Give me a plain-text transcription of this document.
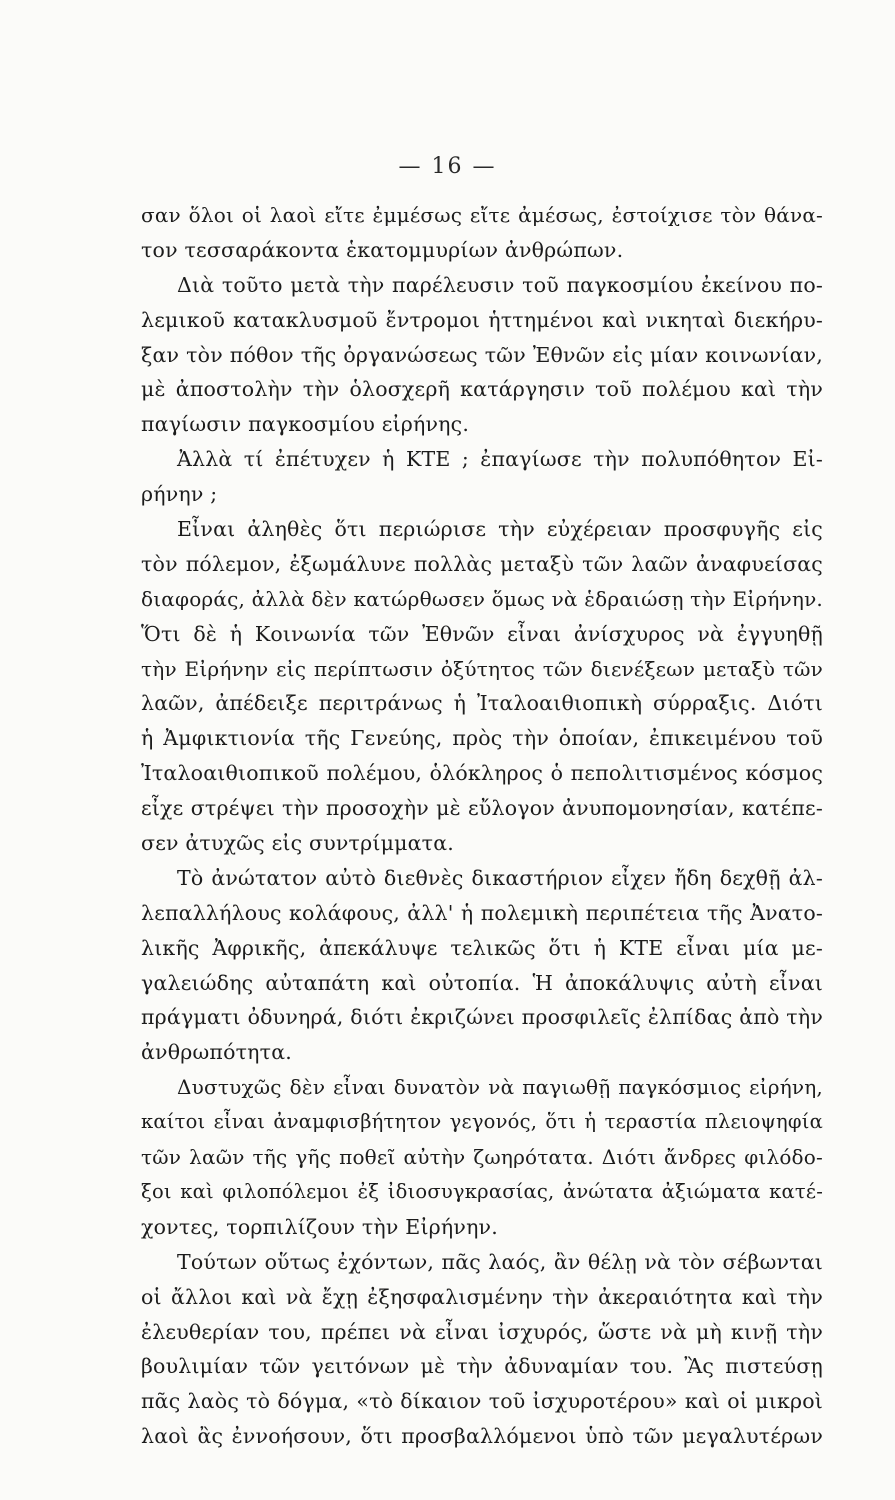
— 16 —
σαν ὅλοι οἱ λαοὶ εἴτε ἐμμέσως εἴτε ἀμέσως, ἐστοίχισε τὸν θάνα-
τον τεσσαράκοντα ἑκατομμυρίων ἀνθρώπων.
Διὰ τοῦτο μετὰ τὴν παρέλευσιν τοῦ παγκοσμίου ἐκείνου πο-
λεμικοῦ κατακλυσμοῦ ἔντρομοι ἡττημένοι καὶ νικηταὶ διεκήρυ-
ξαν τὸν πόθον τῆς ὀργανώσεως τῶν Ἐθνῶν εἰς μίαν κοινωνίαν,
μὲ ἀποστολὴν τὴν ὁλοσχερῆ κατάργησιν τοῦ πολέμου καὶ τὴν
παγίωσιν παγκοσμίου εἰρήνης.
Ἀλλὰ τί ἐπέτυχεν ἡ ΚΤΕ ; ἐπαγίωσε τὴν πολυπόθητον Εἰ-
ρήνην ;
Εἶναι ἀληθὲς ὅτι περιώρισε τὴν εὐχέρειαν προσφυγῆς εἰς
τὸν πόλεμον, ἐξωμάλυνε πολλὰς μεταξὺ τῶν λαῶν ἀναφυείσας
διαφοράς, ἀλλὰ δὲν κατώρθωσεν ὅμως νὰ ἑδραιώσῃ τὴν Εἰρήνην.
Ὅτι δὲ ἡ Κοινωνία τῶν Ἐθνῶν εἶναι ἀνίσχυρος νὰ ἐγγυηθῇ
τὴν Εἰρήνην εἰς περίπτωσιν ὀξύτητος τῶν διενέξεων μεταξὺ τῶν
λαῶν, ἀπέδειξε περιτράνως ἡ Ἰταλοαιθιοπικὴ σύρραξις. Διότι
ἡ Ἀμφικτιονία τῆς Γενεύης, πρὸς τὴν ὁποίαν, ἐπικειμένου τοῦ
Ἰταλοαιθιοπικοῦ πολέμου, ὁλόκληρος ὁ πεπολιτισμένος κόσμος
εἶχε στρέψει τὴν προσοχὴν μὲ εὔλογον ἀνυπομονησίαν, κατέπε-
σεν ἀτυχῶς εἰς συντρίμματα.
Τὸ ἀνώτατον αὐτὸ διεθνὲς δικαστήριον εἶχεν ἤδη δεχθῇ ἀλ-
λεπαλλήλους κολάφους, ἀλλ' ἡ πολεμικὴ περιπέτεια τῆς Ἀνατο-
λικῆς Ἀφρικῆς, ἀπεκάλυψε τελικῶς ὅτι ἡ ΚΤΕ εἶναι μία με-
γαλειώδης αὐταπάτη καὶ οὐτοπία. Ἡ ἀποκάλυψις αὐτὴ εἶναι
πράγματι ὀδυνηρά, διότι ἐκριζώνει προσφιλεῖς ἐλπίδας ἀπὸ τὴν
ἀνθρωπότητα.
Δυστυχῶς δὲν εἶναι δυνατὸν νὰ παγιωθῇ παγκόσμιος εἰρήνη,
καίτοι εἶναι ἀναμφισβήτητον γεγονός, ὅτι ἡ τεραστία πλειοψηφία
τῶν λαῶν τῆς γῆς ποθεῖ αὐτὴν ζωηρότατα. Διότι ἄνδρες φιλόδο-
ξοι καὶ φιλοπόλεμοι ἐξ ἰδιοσυγκρασίας, ἀνώτατα ἀξιώματα κατέ-
χοντες, τορπιλίζουν τὴν Εἰρήνην.
Τούτων οὕτως ἐχόντων, πᾶς λαός, ἂν θέλῃ νὰ τὸν σέβωνται
οἱ ἄλλοι καὶ νὰ ἔχῃ ἐξησφαλισμένην τὴν ἀκεραιότητα καὶ τὴν
ἐλευθερίαν του, πρέπει νὰ εἶναι ἰσχυρός, ὥστε νὰ μὴ κινῇ τὴν
βουλιμίαν τῶν γειτόνων μὲ τὴν ἀδυναμίαν του. Ἂς πιστεύσῃ
πᾶς λαὸς τὸ δόγμα, «τὸ δίκαιον τοῦ ἰσχυροτέρου» καὶ οἱ μικροὶ
λαοὶ ἂς ἐννοήσουν, ὅτι προσβαλλόμενοι ὑπὸ τῶν μεγαλυτέρων
